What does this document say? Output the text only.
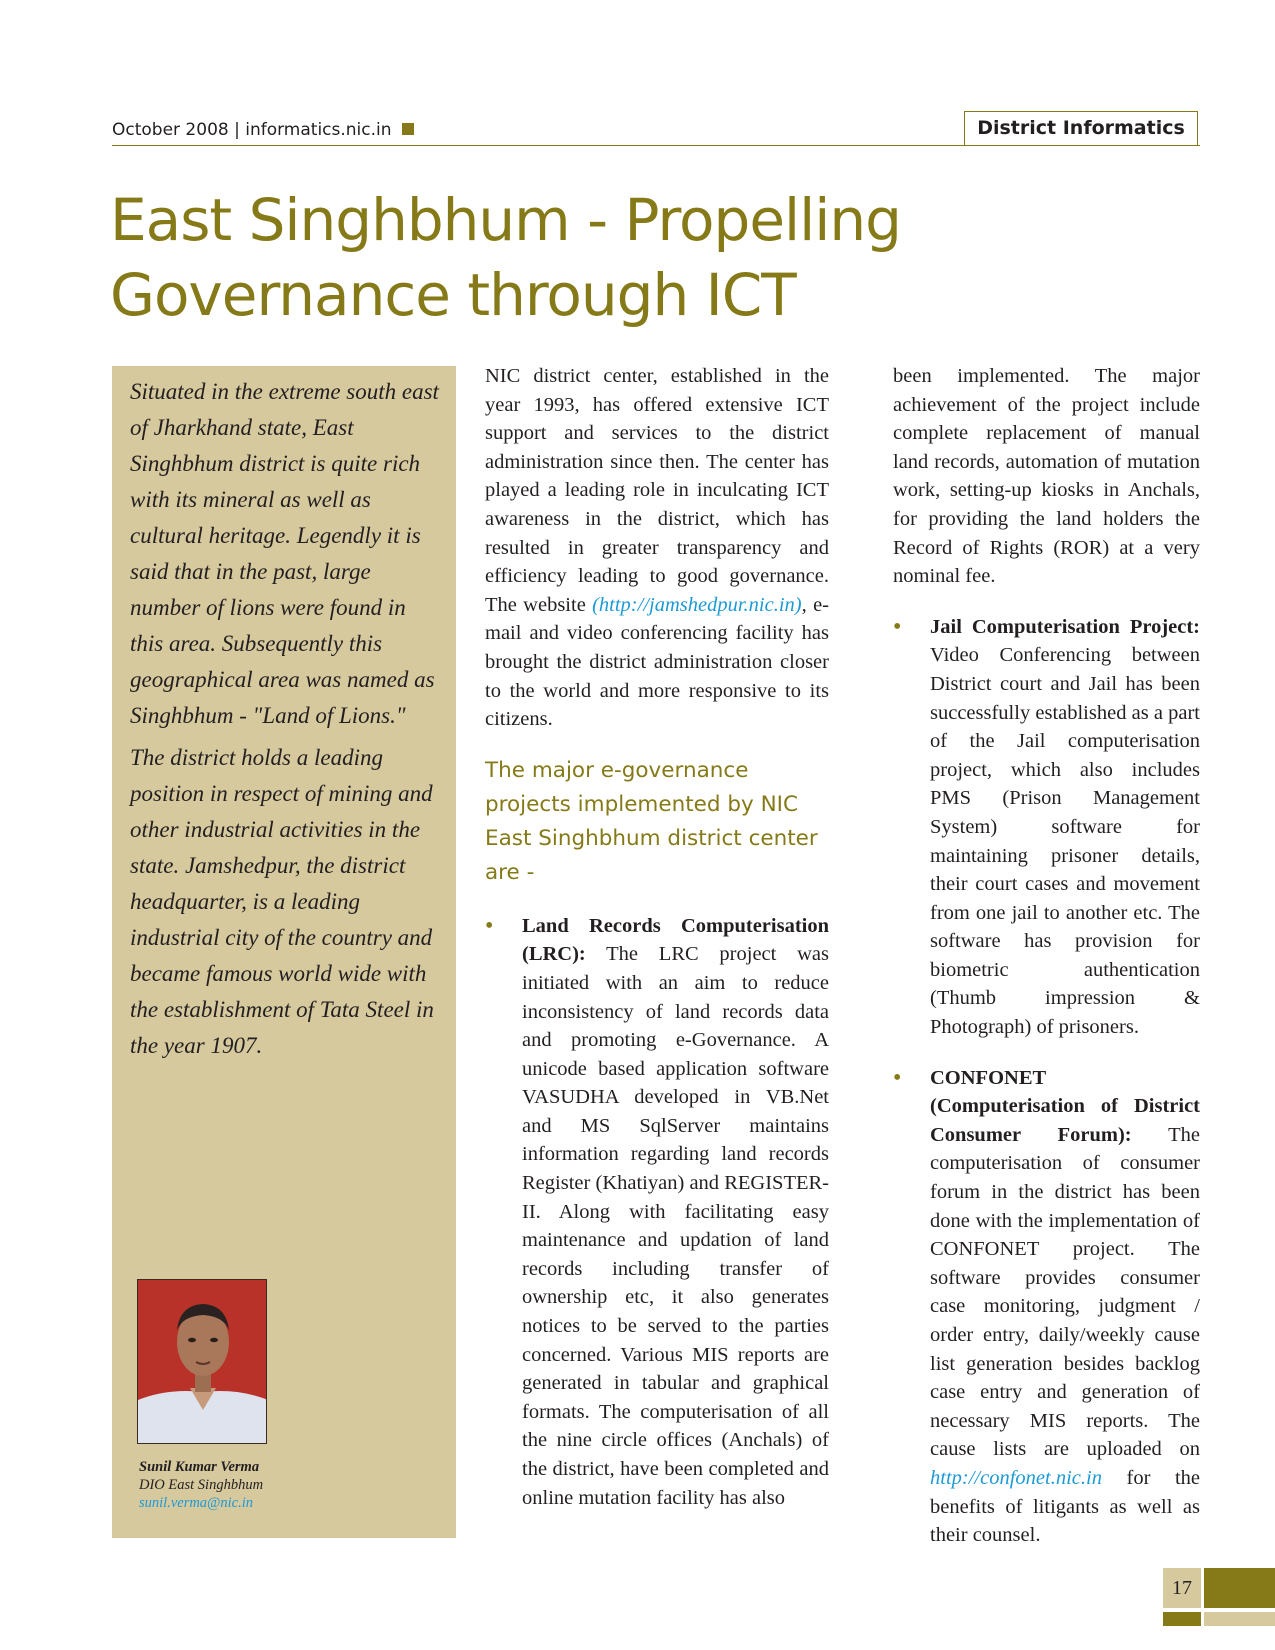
October 2008 | informatics.nic.in	District Informatics
East Singhbhum - Propelling Governance through ICT

Situated in the extreme south east of Jharkhand state, East Singhbhum district is quite rich with its mineral as well as cultural heritage. Legendly it is said that in the past, large number of lions were found in this area. Subsequently this geographical area was named as Singhbhum - "Land of Lions."

The district holds a leading position in respect of mining and other industrial activities in the state. Jamshedpur, the district headquarter, is a leading industrial city of the country and became famous world wide with the establishment of Tata Steel in the year 1907.

Sunil Kumar Verma
DIO East Singhbhum
sunil.verma@nic.in

NIC district center, established in the year 1993, has offered extensive ICT support and services to the district administration since then. The center has played a leading role in inculcating ICT awareness in the district, which has resulted in greater transparency and efficiency leading to good governance. The website (http://jamshedpur.nic.in), e-mail and video conferencing facility has brought the district administration closer to the world and more responsive to its citizens.

The major e-governance projects implemented by NIC East Singhbhum district center are -
• Land Records Computerisation (LRC): The LRC project was initiated with an aim to reduce inconsistency of land records data and promoting e-Governance. A unicode based application software VASUDHA developed in VB.Net and MS SqlServer maintains information regarding land records Register (Khatiyan) and REGISTER-II. Along with facilitating easy maintenance and updation of land records including transfer of ownership etc, it also generates notices to be served to the parties concerned. Various MIS reports are generated in tabular and graphical formats. The computerisation of all the nine circle offices (Anchals) of the district, have been completed and online mutation facility has also

been implemented. The major achievement of the project include complete replacement of manual land records, automation of mutation work, setting-up kiosks in Anchals, for providing the land holders the Record of Rights (ROR) at a very nominal fee.

• Jail Computerisation Project: Video Conferencing between District court and Jail has been successfully established as a part of the Jail computerisation project, which also includes PMS (Prison Management System) software for maintaining prisoner details, their court cases and movement from one jail to another etc. The software has provision for biometric authentication (Thumb impression & Photograph) of prisoners.
• CONFONET (Computerisation of District Consumer Forum): The computerisation of consumer forum in the district has been done with the implementation of CONFONET project. The software provides consumer case monitoring, judgment / order entry, daily/weekly cause list generation besides backlog case entry and generation of necessary MIS reports. The cause lists are uploaded on http://confonet.nic.in for the benefits of litigants as well as their counsel.
17
